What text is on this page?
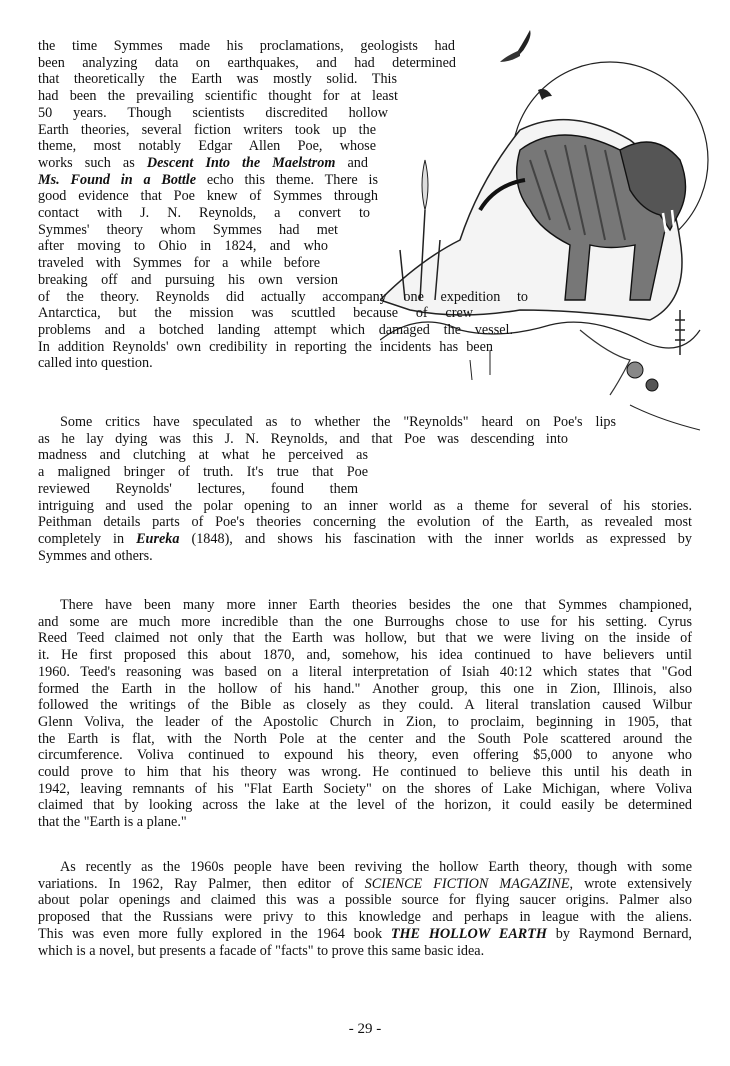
the time Symmes made his proclamations, geologists had
been analyzing data on earthquakes, and had determined
that theoretically the Earth was mostly solid. This
had been the prevailing scientific thought for at least
50 years. Though scientists discredited hollow
Earth theories, several fiction writers took up the
theme, most notably Edgar Allen Poe, whose
works such as Descent Into the Maelstrom and
Ms. Found in a Bottle echo this theme. There is
good evidence that Poe knew of Symmes through
contact with J. N. Reynolds, a convert to
Symmes' theory whom Symmes had met
after moving to Ohio in 1824, and who
traveled with Symmes for a while before
breaking off and pursuing his own version
of the theory. Reynolds did actually accompany one expedition to
Antarctica, but the mission was scuttled because of crew
problems and a botched landing attempt which damaged the vessel.
In addition Reynolds' own credibility in reporting the incidents has been
called into question.
Some critics have speculated as to whether the "Reynolds" heard on Poe's lips
as he lay dying was this J. N. Reynolds, and that Poe was descending into
madness and clutching at what he perceived as
a maligned bringer of truth. It's true that Poe
reviewed Reynolds' lectures, found them
intriguing and used the polar opening to an inner world as a theme for several of his stories.
Peithman details parts of Poe's theories concerning the evolution of the Earth, as revealed most
completely in Eureka (1848), and shows his fascination with the inner worlds as expressed by
Symmes and others.
There have been many more inner Earth theories besides the one that Symmes championed,
and some are much more incredible than the one Burroughs chose to use for his setting. Cyrus
Reed Teed claimed not only that the Earth was hollow, but that we were living on the inside of
it. He first proposed this about 1870, and, somehow, his idea continued to have believers until
1960. Teed's reasoning was based on a literal interpretation of Isiah 40:12 which states that "God
formed the Earth in the hollow of his hand." Another group, this one in Zion, Illinois, also
followed the writings of the Bible as closely as they could. A literal translation caused Wilbur
Glenn Voliva, the leader of the Apostolic Church in Zion, to proclaim, beginning in 1905, that
the Earth is flat, with the North Pole at the center and the South Pole scattered around the
circumference. Voliva continued to expound his theory, even offering $5,000 to anyone who
could prove to him that his theory was wrong. He continued to believe this until his death in
1942, leaving remnants of his "Flat Earth Society" on the shores of Lake Michigan, where Voliva
claimed that by looking across the lake at the level of the horizon, it could easily be determined
that the "Earth is a plane."
As recently as the 1960s people have been reviving the hollow Earth theory, though with some
variations. In 1962, Ray Palmer, then editor of SCIENCE FICTION MAGAZINE, wrote extensively
about polar openings and claimed this was a possible source for flying saucer origins. Palmer also
proposed that the Russians were privy to this knowledge and perhaps in league with the aliens.
This was even more fully explored in the 1964 book THE HOLLOW EARTH by Raymond Bernard,
which is a novel, but presents a facade of "facts" to prove this same basic idea.
- 29 -
